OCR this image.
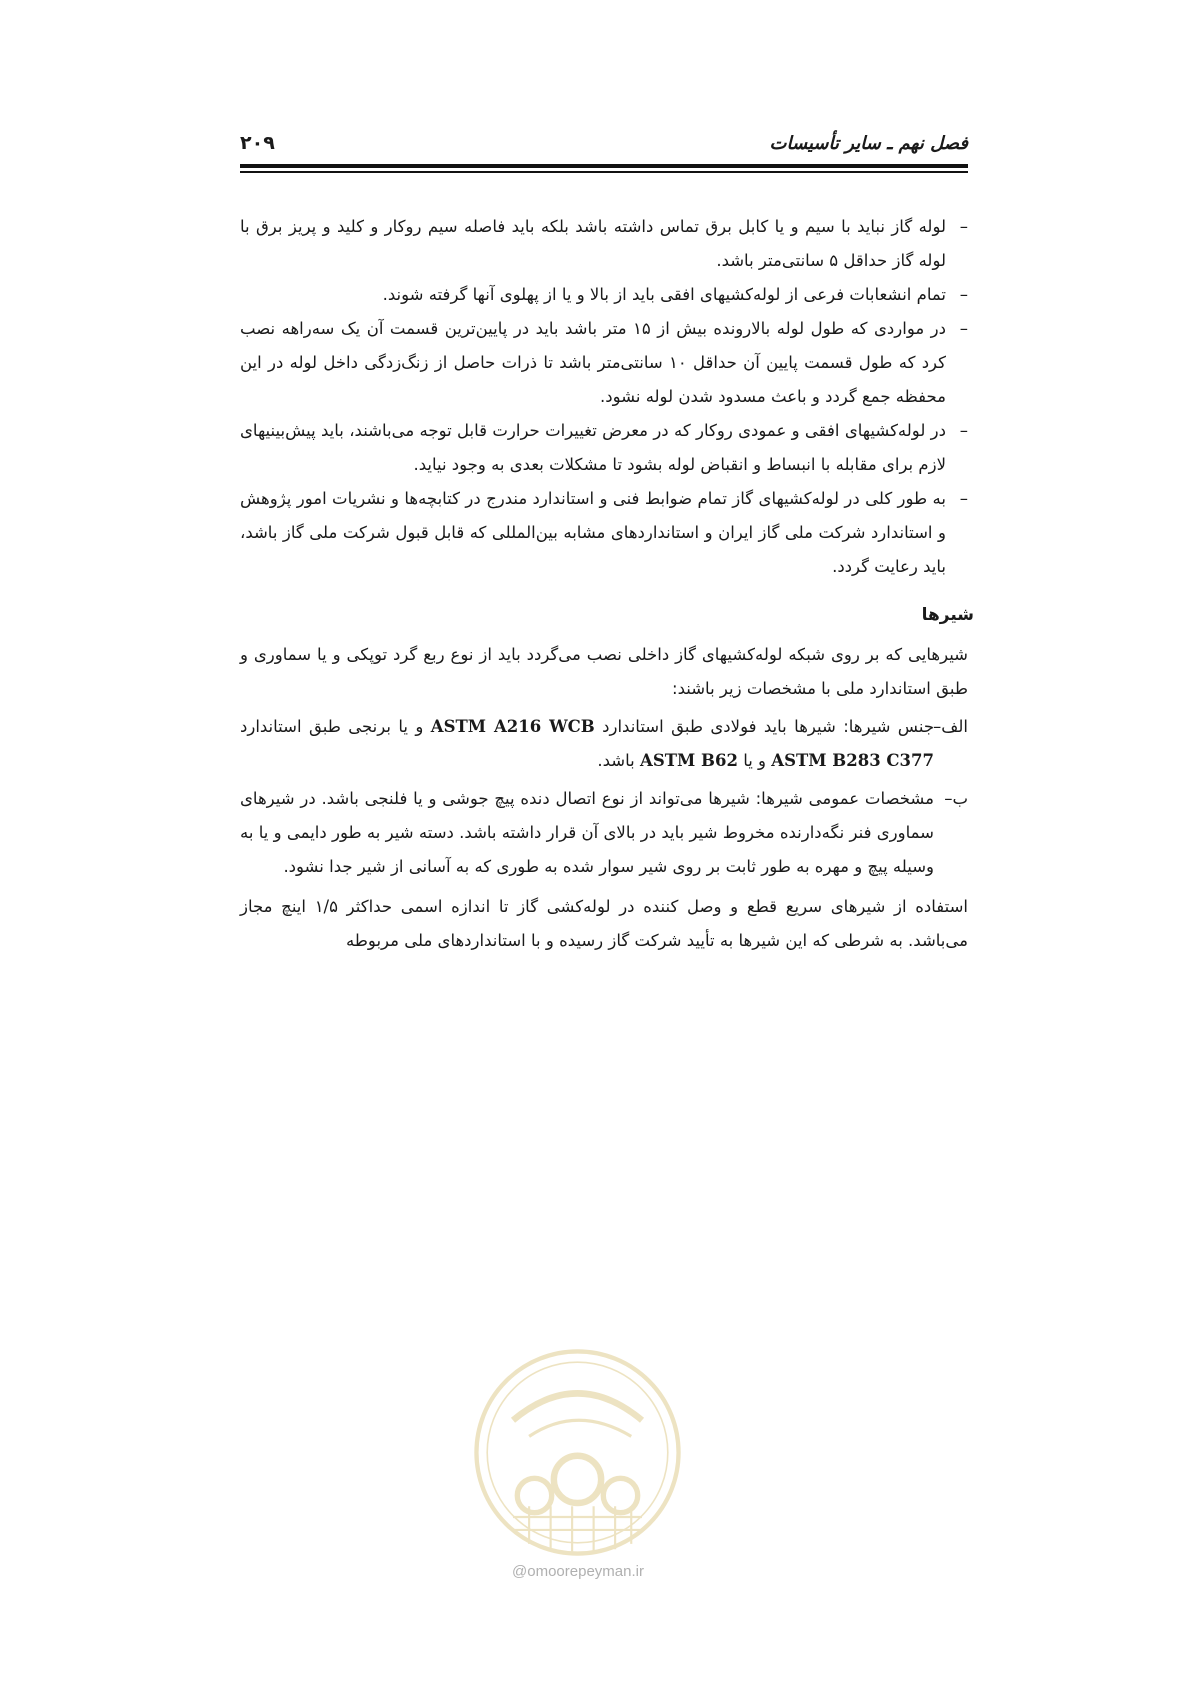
فصل نهم ـ سایر تأسیسات
۲۰۹
–
لوله گاز نباید با سیم و یا کابل برق تماس داشته باشد بلکه باید فاصله سیم روکار و کلید و پریز برق با لوله گاز حداقل ۵ سانتی‌متر باشد.
–
تمام انشعابات فرعی از لوله‌کشیهای افقی باید از بالا و یا از پهلوی آنها گرفته شوند.
–
در مواردی که طول لوله بالارونده بیش از ۱۵ متر باشد باید در پایین‌ترین قسمت آن یک سه‌راهه نصب کرد که طول قسمت پایین آن حداقل ۱۰ سانتی‌متر باشد تا ذرات حاصل از زنگ‌زدگی داخل لوله در این محفظه جمع گردد و باعث مسدود شدن لوله نشود.
–
در لوله‌کشیهای افقی و عمودی روکار که در معرض تغییرات حرارت قابل توجه می‌باشند، باید پیش‌بینیهای لازم برای مقابله با انبساط و انقباض لوله بشود تا مشکلات بعدی به وجود نیاید.
–
به طور کلی در لوله‌کشیهای گاز تمام ضوابط فنی و استاندارد مندرج در کتابچه‌ها و نشریات امور پژوهش و استاندارد شرکت ملی گاز ایران و استانداردهای مشابه بین‌المللی که قابل قبول شرکت ملی گاز باشد، باید رعایت گردد.
شیرها

شیرهایی که بر روی شبکه لوله‌کشیهای گاز داخلی نصب می‌گردد باید از نوع ربع گرد توپکی و یا سماوری و طبق استاندارد ملی با مشخصات زیر باشند:

الف–
جنس شیرها: شیرها باید فولادی طبق استاندارد ASTM A216 WCB و یا برنجی طبق استاندارد ASTM B283 C377 و یا ASTM B62 باشد.
ب–
مشخصات عمومی شیرها: شیرها می‌تواند از نوع اتصال دنده پیچ جوشی و یا فلنجی باشد. در شیرهای سماوری فنر نگه‌دارنده مخروط شیر باید در بالای آن قرار داشته باشد. دسته شیر به طور دایمی و یا به وسیله پیچ و مهره به طور ثابت بر روی شیر سوار شده به طوری که به آسانی از شیر جدا نشود.

استفاده از شیرهای سریع قطع و وصل کننده در لوله‌کشی گاز تا اندازه اسمی حداکثر ۱/۵ اینچ مجاز می‌باشد. به شرطی که این شیرها به تأیید شرکت گاز رسیده و با استانداردهای ملی مربوطه

@omoorepeyman.ir
